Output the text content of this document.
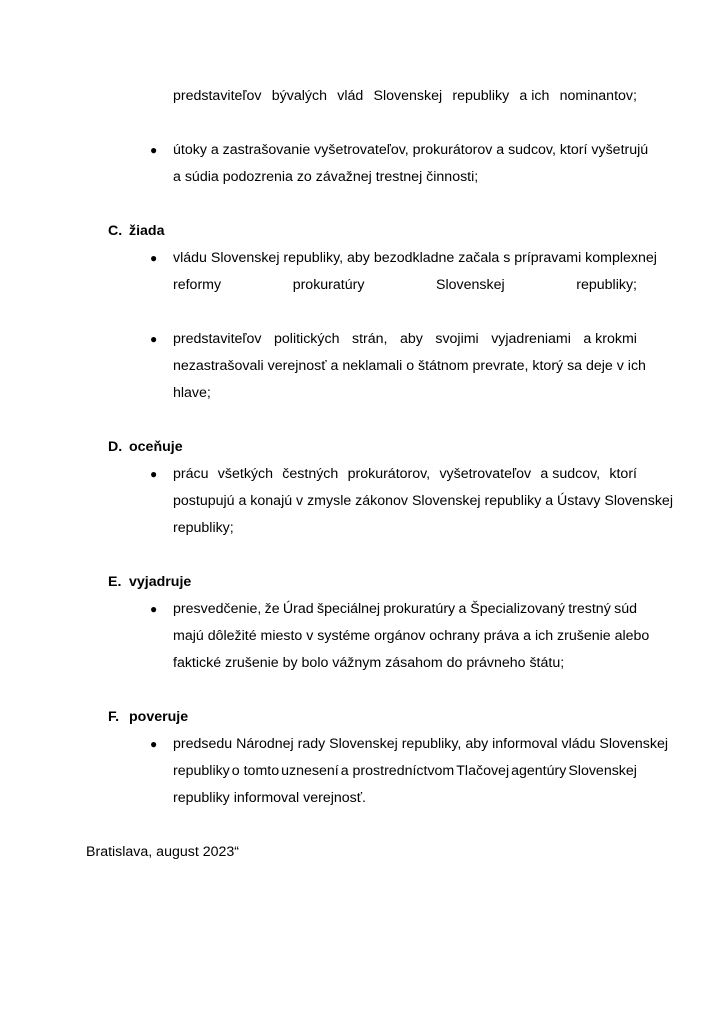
predstaviteľov bývalých vlád Slovenskej republiky a ich nominantov;
● útoky a zastrašovanie vyšetrovateľov, prokurátorov a sudcov, ktorí vyšetrujú
a súdia podozrenia zo závažnej trestnej činnosti;
C. žiada
● vládu Slovenskej republiky, aby bezodkladne začala s prípravami komplexnej
reformy	prokuratúry	Slovenskej	republiky;
● predstaviteľov politických strán, aby svojimi vyjadreniami a krokmi
nezastrašovali verejnosť a neklamali o štátnom prevrate, ktorý sa deje v ich
hlave;
D. oceňuje
● prácu všetkých čestných prokurátorov, vyšetrovateľov a sudcov, ktorí
postupujú a konajú v zmysle zákonov Slovenskej republiky a Ústavy Slovenskej
republiky;
E. vyjadruje
● presvedčenie, že Úrad špeciálnej prokuratúry a Špecializovaný trestný súd
majú dôležité miesto v systéme orgánov ochrany práva a ich zrušenie alebo
faktické zrušenie by bolo vážnym zásahom do právneho štátu;
F. poveruje
● predsedu Národnej rady Slovenskej republiky, aby informoval vládu Slovenskej
republiky o tomto uznesení a prostredníctvom Tlačovej agentúry Slovenskej
republiky informoval verejnosť.
Bratislava, august 2023“
